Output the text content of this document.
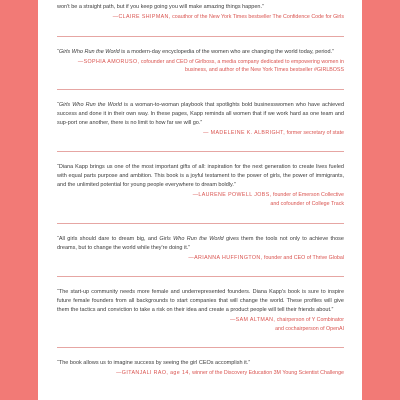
won't be a straight path, but if you keep going you will make amazing things happen.”

—CLAIRE SHIPMAN, coauthor of the New York Times bestseller The Confidence Code for Girls

“Girls Who Run the World is a modern-day encyclopedia of the women who are changing the world today, period.”

—SOPHIA AMORUSO, cofounder and CEO of Girlboss, a media company dedicated to empowering women in business, and author of the New York Times bestseller #GIRLBOSS

“Girls Who Run the World is a woman-to-woman playbook that spotlights bold businesswomen who have achieved success and done it in their own way. In these pages, Kapp reminds all women that if we work hard as one team and sup-port one another, there is no limit to how far we will go.”

— MADELEINE K. ALBRIGHT, former secretary of state

“Diana Kapp brings us one of the most important gifts of all: inspiration for the next generation to create lives fueled with equal parts purpose and ambition. This book is a joyful testament to the power of girls, the power of immigrants, and the unlimited potential for young people everywhere to dream boldly.”

—LAURENE POWELL JOBS, founder of Emerson Collective
and cofounder of College Track

“All girls should dare to dream big, and Girls Who Run the World gives them the tools not only to achieve those dreams, but to change the world while they're doing it.”

—ARIANNA HUFFINGTON, founder and CEO of Thrive Global

“The start-up community needs more female and underrepresented founders. Diana Kapp's book is sure to inspire future female founders from all backgrounds to start companies that will change the world. These profiles will give them the tactics and conviction to take a risk on their idea and create a product people will tell their friends about.”

—SAM ALTMAN, chairperson of Y Combinator
and cochairperson of OpenAI

“The book allows us to imagine success by seeing the girl CEOs accomplish it.”

—GITANJALI RAO, age 14, winner of the Discovery Education 3M Young Scientist Challenge
